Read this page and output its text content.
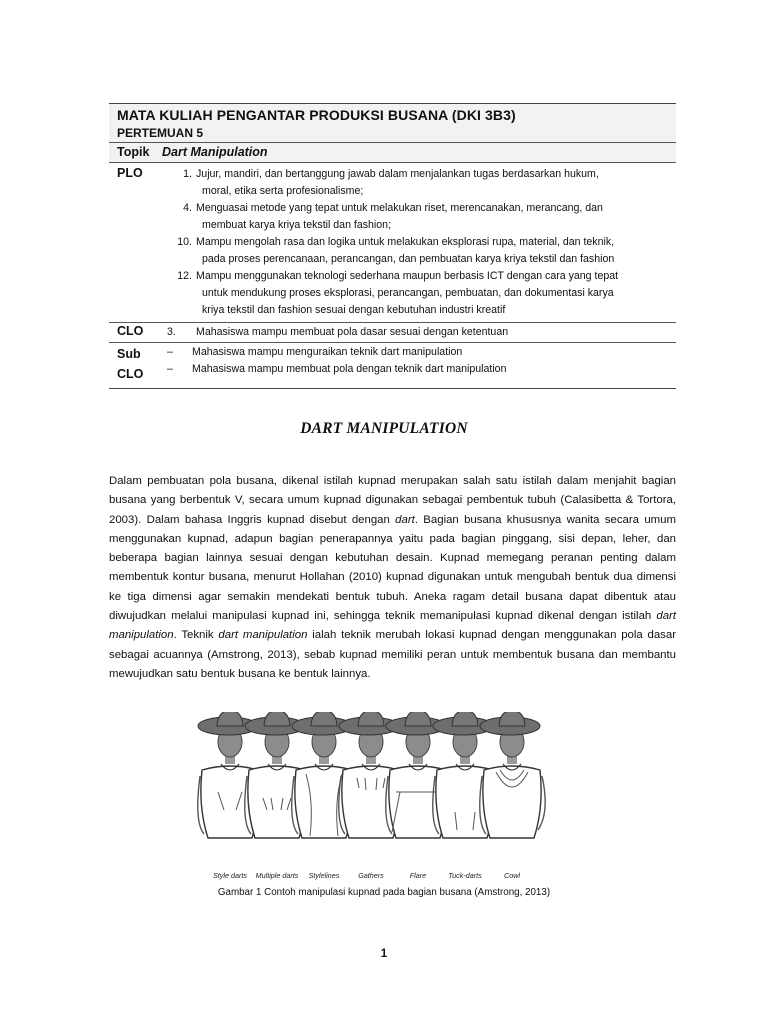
MATA KULIAH PENGANTAR PRODUKSI BUSANA (DKI 3B3)
PERTEMUAN 5
Topik	Dart Manipulation
PLO	1. Jujur, mandiri, dan bertanggung jawab dalam menjalankan tugas berdasarkan hukum,
moral, etika serta profesionalisme;
4. Menguasai metode yang tepat untuk melakukan riset, merencanakan, merancang, dan
membuat karya kriya tekstil dan fashion;
10. Mampu mengolah rasa dan logika untuk melakukan eksplorasi rupa, material, dan teknik,
pada proses perencanaan, perancangan, dan pembuatan karya kriya tekstil dan fashion
12. Mampu menggunakan teknologi sederhana maupun berbasis ICT dengan cara yang tepat
untuk mendukung proses eksplorasi, perancangan, pembuatan, dan dokumentasi karya
kriya tekstil dan fashion sesuai dengan kebutuhan industri kreatif
CLO	3.	Mahasiswa mampu membuat pola dasar sesuai dengan ketentuan
Sub
CLO
–	Mahasiswa mampu menguraikan teknik dart manipulation
–	Mahasiswa mampu membuat pola dengan teknik dart manipulation
DART MANIPULATION

Dalam pembuatan pola busana, dikenal istilah kupnad merupakan salah satu istilah dalam menjahit bagian busana yang berbentuk V, secara umum kupnad digunakan sebagai pembentuk tubuh (Calasibetta & Tortora, 2003). Dalam bahasa Inggris kupnad disebut dengan dart. Bagian busana khususnya wanita secara umum menggunakan kupnad, adapun bagian penerapannya yaitu pada bagian pinggang, sisi depan, leher, dan beberapa bagian lainnya sesuai dengan kebutuhan desain. Kupnad memegang peranan penting dalam membentuk kontur busana, menurut Hollahan (2010) kupnad digunakan untuk mengubah bentuk dua dimensi ke tiga dimensi agar semakin mendekati bentuk tubuh. Aneka ragam detail busana dapat dibentuk atau diwujudkan melalui manipulasi kupnad ini, sehingga teknik memanipulasi kupnad dikenal dengan istilah dart manipulation. Teknik dart manipulation ialah teknik merubah lokasi kupnad dengan menggunakan pola dasar sebagai acuannya (Amstrong, 2013), sebab kupnad memiliki peran untuk membentuk busana dan membantu mewujudkan satu bentuk busana ke bentuk lainnya.

Style darts Multiple darts Stylelines	Gathers	Flare	Tuck-darts	Cowl
Gambar 1 Contoh manipulasi kupnad pada bagian busana (Amstrong, 2013)
1
